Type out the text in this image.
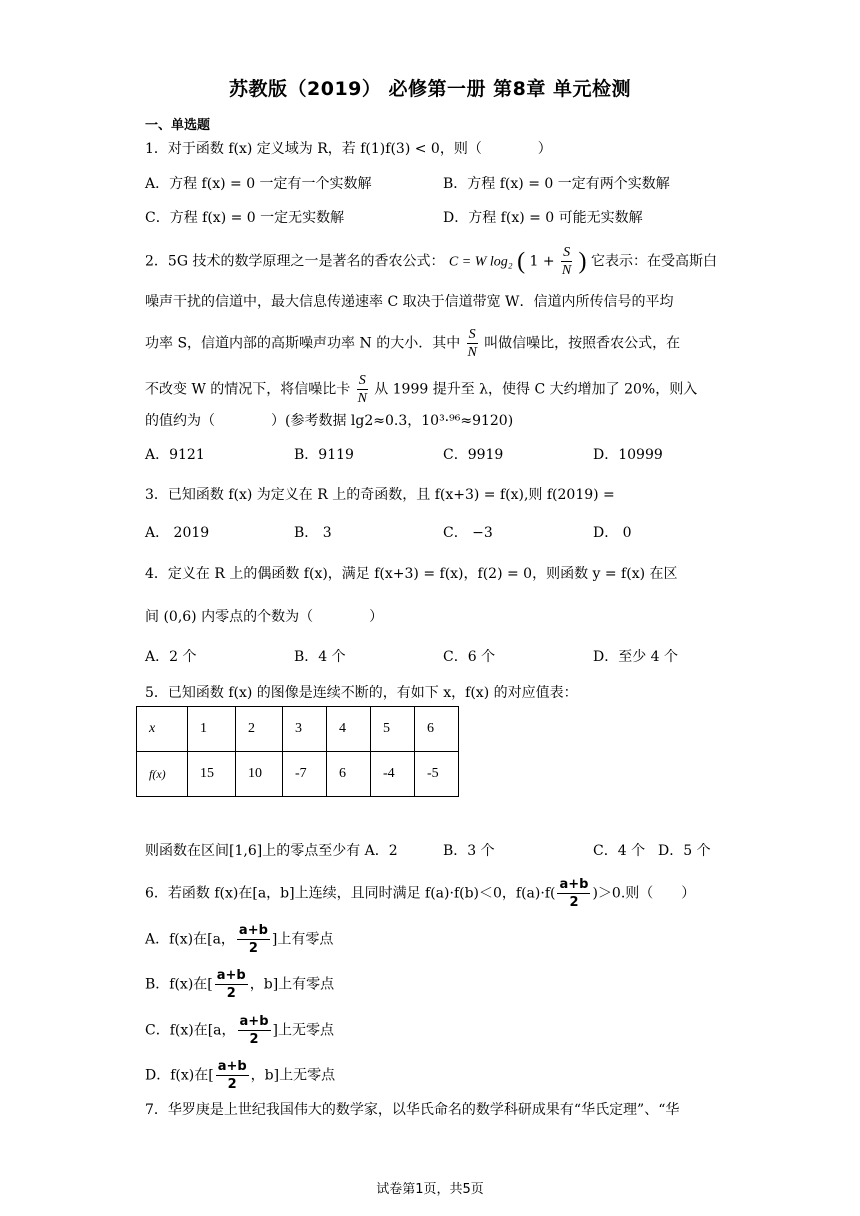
苏教版（2019） 必修第一册 第8章 单元检测
一、单选题
1．对于函数 f(x) 定义域为 R，若 f(1)f(3) < 0，则（　　　　）
A．方程 f(x) = 0 一定有一个实数解	B．方程 f(x) = 0 一定有两个实数解
C．方程 f(x) = 0 一定无实数解	D．方程 f(x) = 0 可能无实数解
2．5G 技术的数学原理之一是著名的香农公式： C = W log₂ ( $1 + \frac{S}{N}$ ) 它表示：在受高斯白
噪声干扰的信道中，最大信息传递速率 C 取决于信道带宽 W．信道内所传信号的平均
功率 S，信道内部的高斯噪声功率 N 的大小．其中 $\frac{S}{N}$ 叫做信噪比，按照香农公式，在
不改变 W 的情况下，将信噪比卡 $\frac{S}{N}$ 从 1999 提升至 λ，使得 C 大约增加了 20%，则入
的值约为（　　　　）(参考数据 lg2≈0.3，10³·⁹⁶≈9120)
A．9121	B．9119	C．9919	D．10999
3．已知函数 f(x) 为定义在 R 上的奇函数，且 f(x+3) = f(x),则 f(2019) =
A． 2019	B． 3	C． −3	D． 0
4．定义在 R 上的偶函数 f(x)，满足 f(x+3) = f(x)，f(2) = 0，则函数 y = f(x) 在区
间 (0,6) 内零点的个数为（　　　　）
A．2 个	B．4 个	C．6 个	D．至少 4 个
5．已知函数 f(x) 的图像是连续不断的，有如下 x，f(x) 的对应值表：
x	1	2	3	4	5	6
f(x)	15	10	-7	6	-4	-5
则函数在区间[1,6]上的零点至少有 A．2	B．3 个	C．4 个 D．5 个
6．若函数 f(x)在[a，b]上连续，且同时满足 f(a)·f(b)＜0，$f(a)\cdot f( \frac{a+b}{2} )>0$.则（　　）
A．f(x)在[a， $\frac{a+b}{2}$ ]上有零点
B．f(x)在[ $\frac{a+b}{2}$ ，b]上有零点
C．f(x)在[a， $\frac{a+b}{2}$ ]上无零点
D．f(x)在[ $\frac{a+b}{2}$ ，b]上无零点
7．华罗庚是上世纪我国伟大的数学家，以华氏命名的数学科研成果有“华氏定理”、“华
试卷第1页，共5页
